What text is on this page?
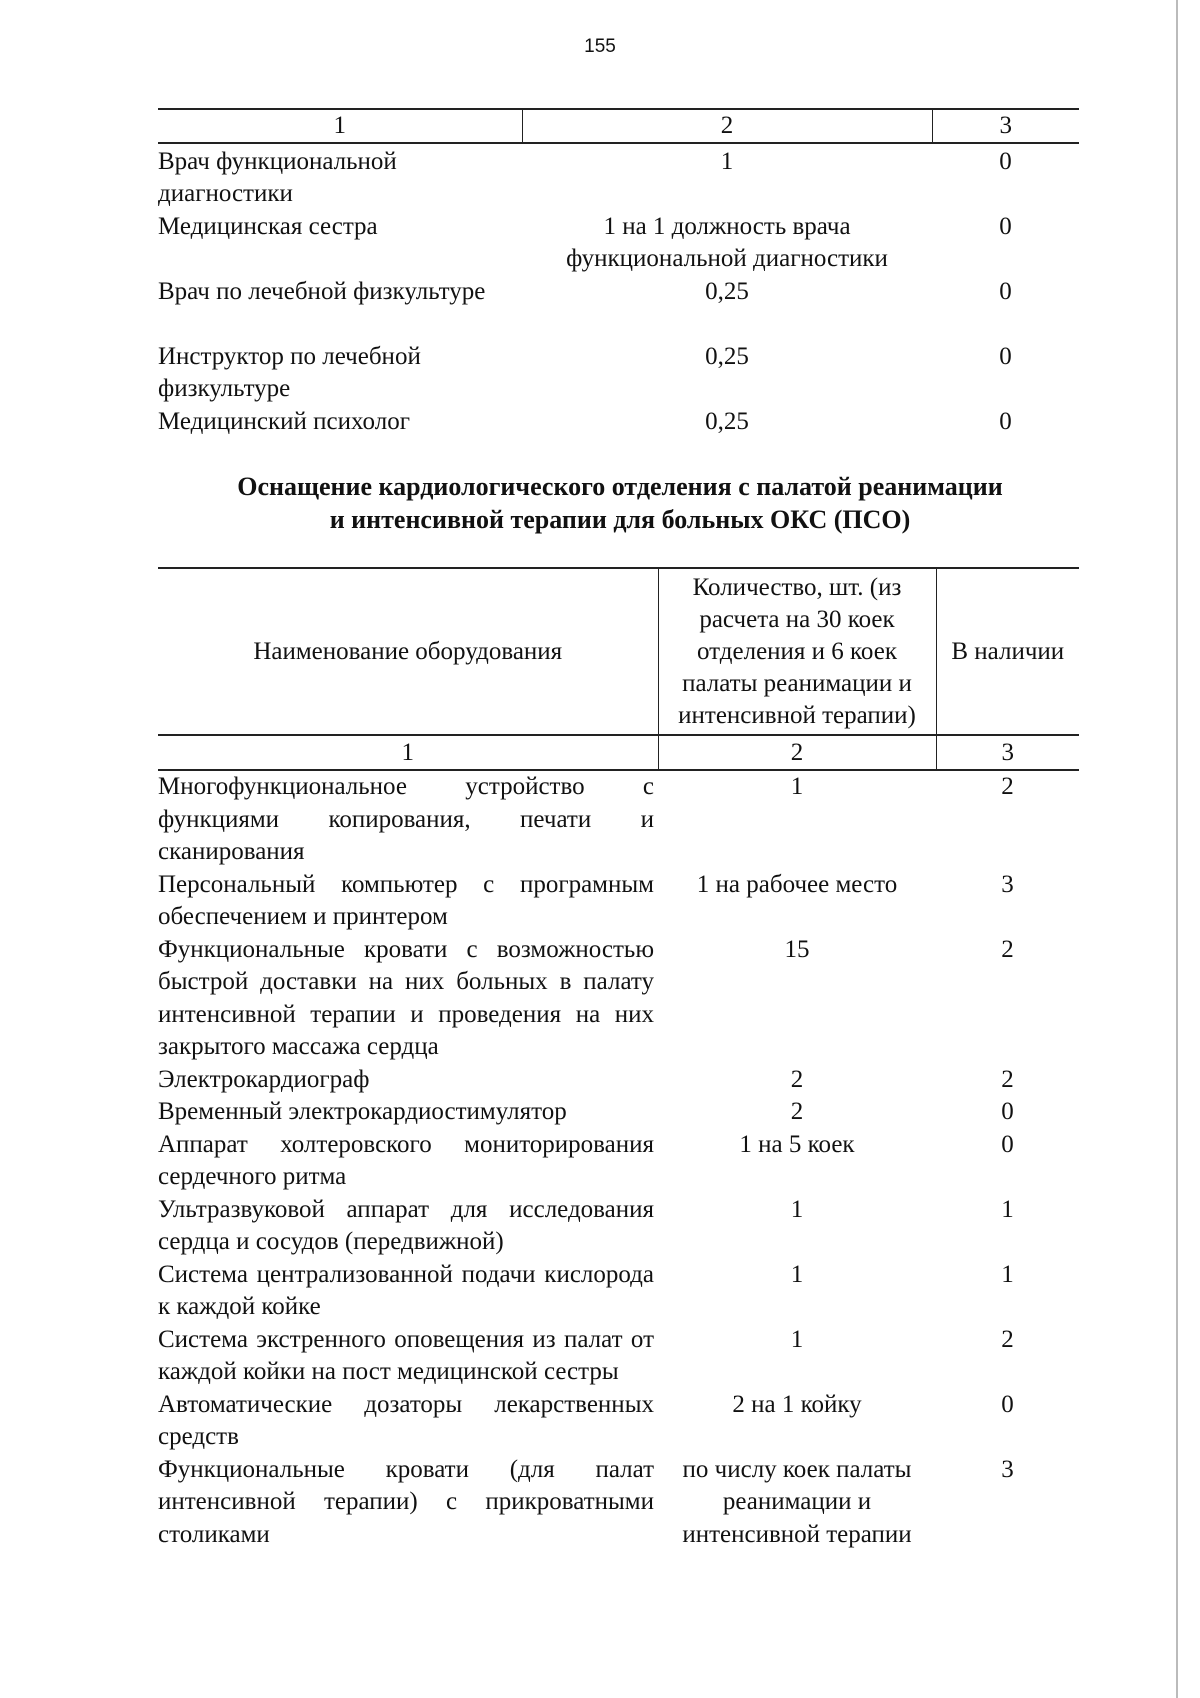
155
1	2	3
Врач функциональной диагностики	1	0
Медицинская сестра	1 на 1 должность врача функциональной диагностики	0
Врач по лечебной физкультуре	0,25	0
Инструктор по лечебной физкультуре	0,25	0
Медицинский психолог	0,25	0
Оснащение кардиологического отделения с палатой реанимации
и интенсивной терапии для больных ОКС (ПСО)
Наименование оборудования	Количество, шт. (из расчета на 30 коек отделения и 6 коек палаты реанимации и интенсивной терапии)	В наличии
1	2	3
Многофункциональное устройство с функциями копирования, печати и сканирования	1	2
Персональный компьютер с програмным обеспечением и принтером	1 на рабочее место	3
Функциональные кровати с возможностью быстрой доставки на них больных в палату интенсивной терапии и проведения на них закрытого массажа сердца	15	2
Электрокардиограф	2	2
Временный электрокардиостимулятор	2	0
Аппарат холтеровского мониторирования сердечного ритма	1 на 5 коек	0
Ультразвуковой аппарат для исследования сердца и сосудов (передвижной)	1	1
Система централизованной подачи кислорода к каждой койке	1	1
Система экстренного оповещения из палат от каждой койки на пост медицинской сестры	1	2
Автоматические дозаторы лекарственных средств	2 на 1 койку	0
Функциональные кровати (для палат интенсивной терапии) с прикроватными столиками	по числу коек палаты реанимации и интенсивной терапии	3
